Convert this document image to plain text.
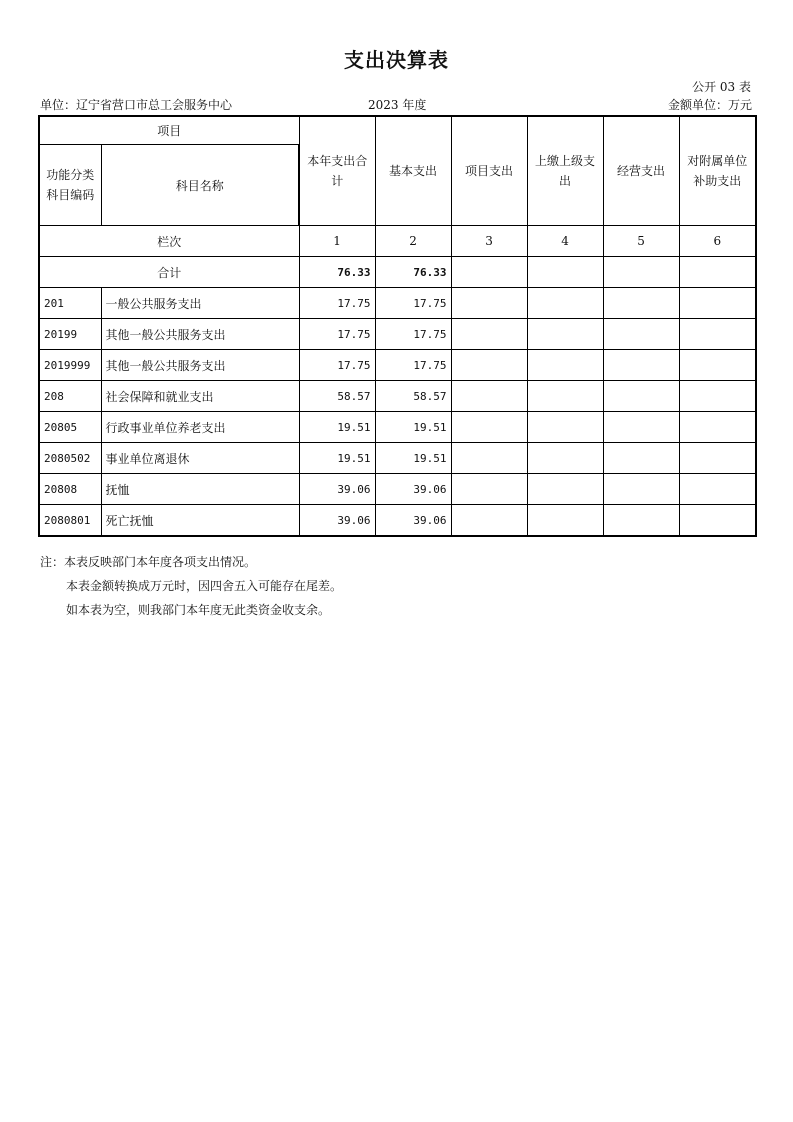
支出决算表
公开 03 表
单位：辽宁省营口市总工会服务中心	2023 年度	金额单位：万元
项目		本年支出合计	基本支出	项目支出	上缴上级支出	经营支出	对附属单位补助支出
功能分类科目编码	科目名称						
栏次		1	2	3	4	5	6
合计		76.33	76.33				
201	一般公共服务支出	17.75	17.75				
20199	其他一般公共服务支出	17.75	17.75				
2019999	其他一般公共服务支出	17.75	17.75				
208	社会保障和就业支出	58.57	58.57				
20805	行政事业单位养老支出	19.51	19.51				
2080502	事业单位离退休	19.51	19.51				
20808	抚恤	39.06	39.06				
2080801	死亡抚恤	39.06	39.06				
注：本表反映部门本年度各项支出情况。
本表金额转换成万元时，因四舍五入可能存在尾差。
如本表为空，则我部门本年度无此类资金收支余。
